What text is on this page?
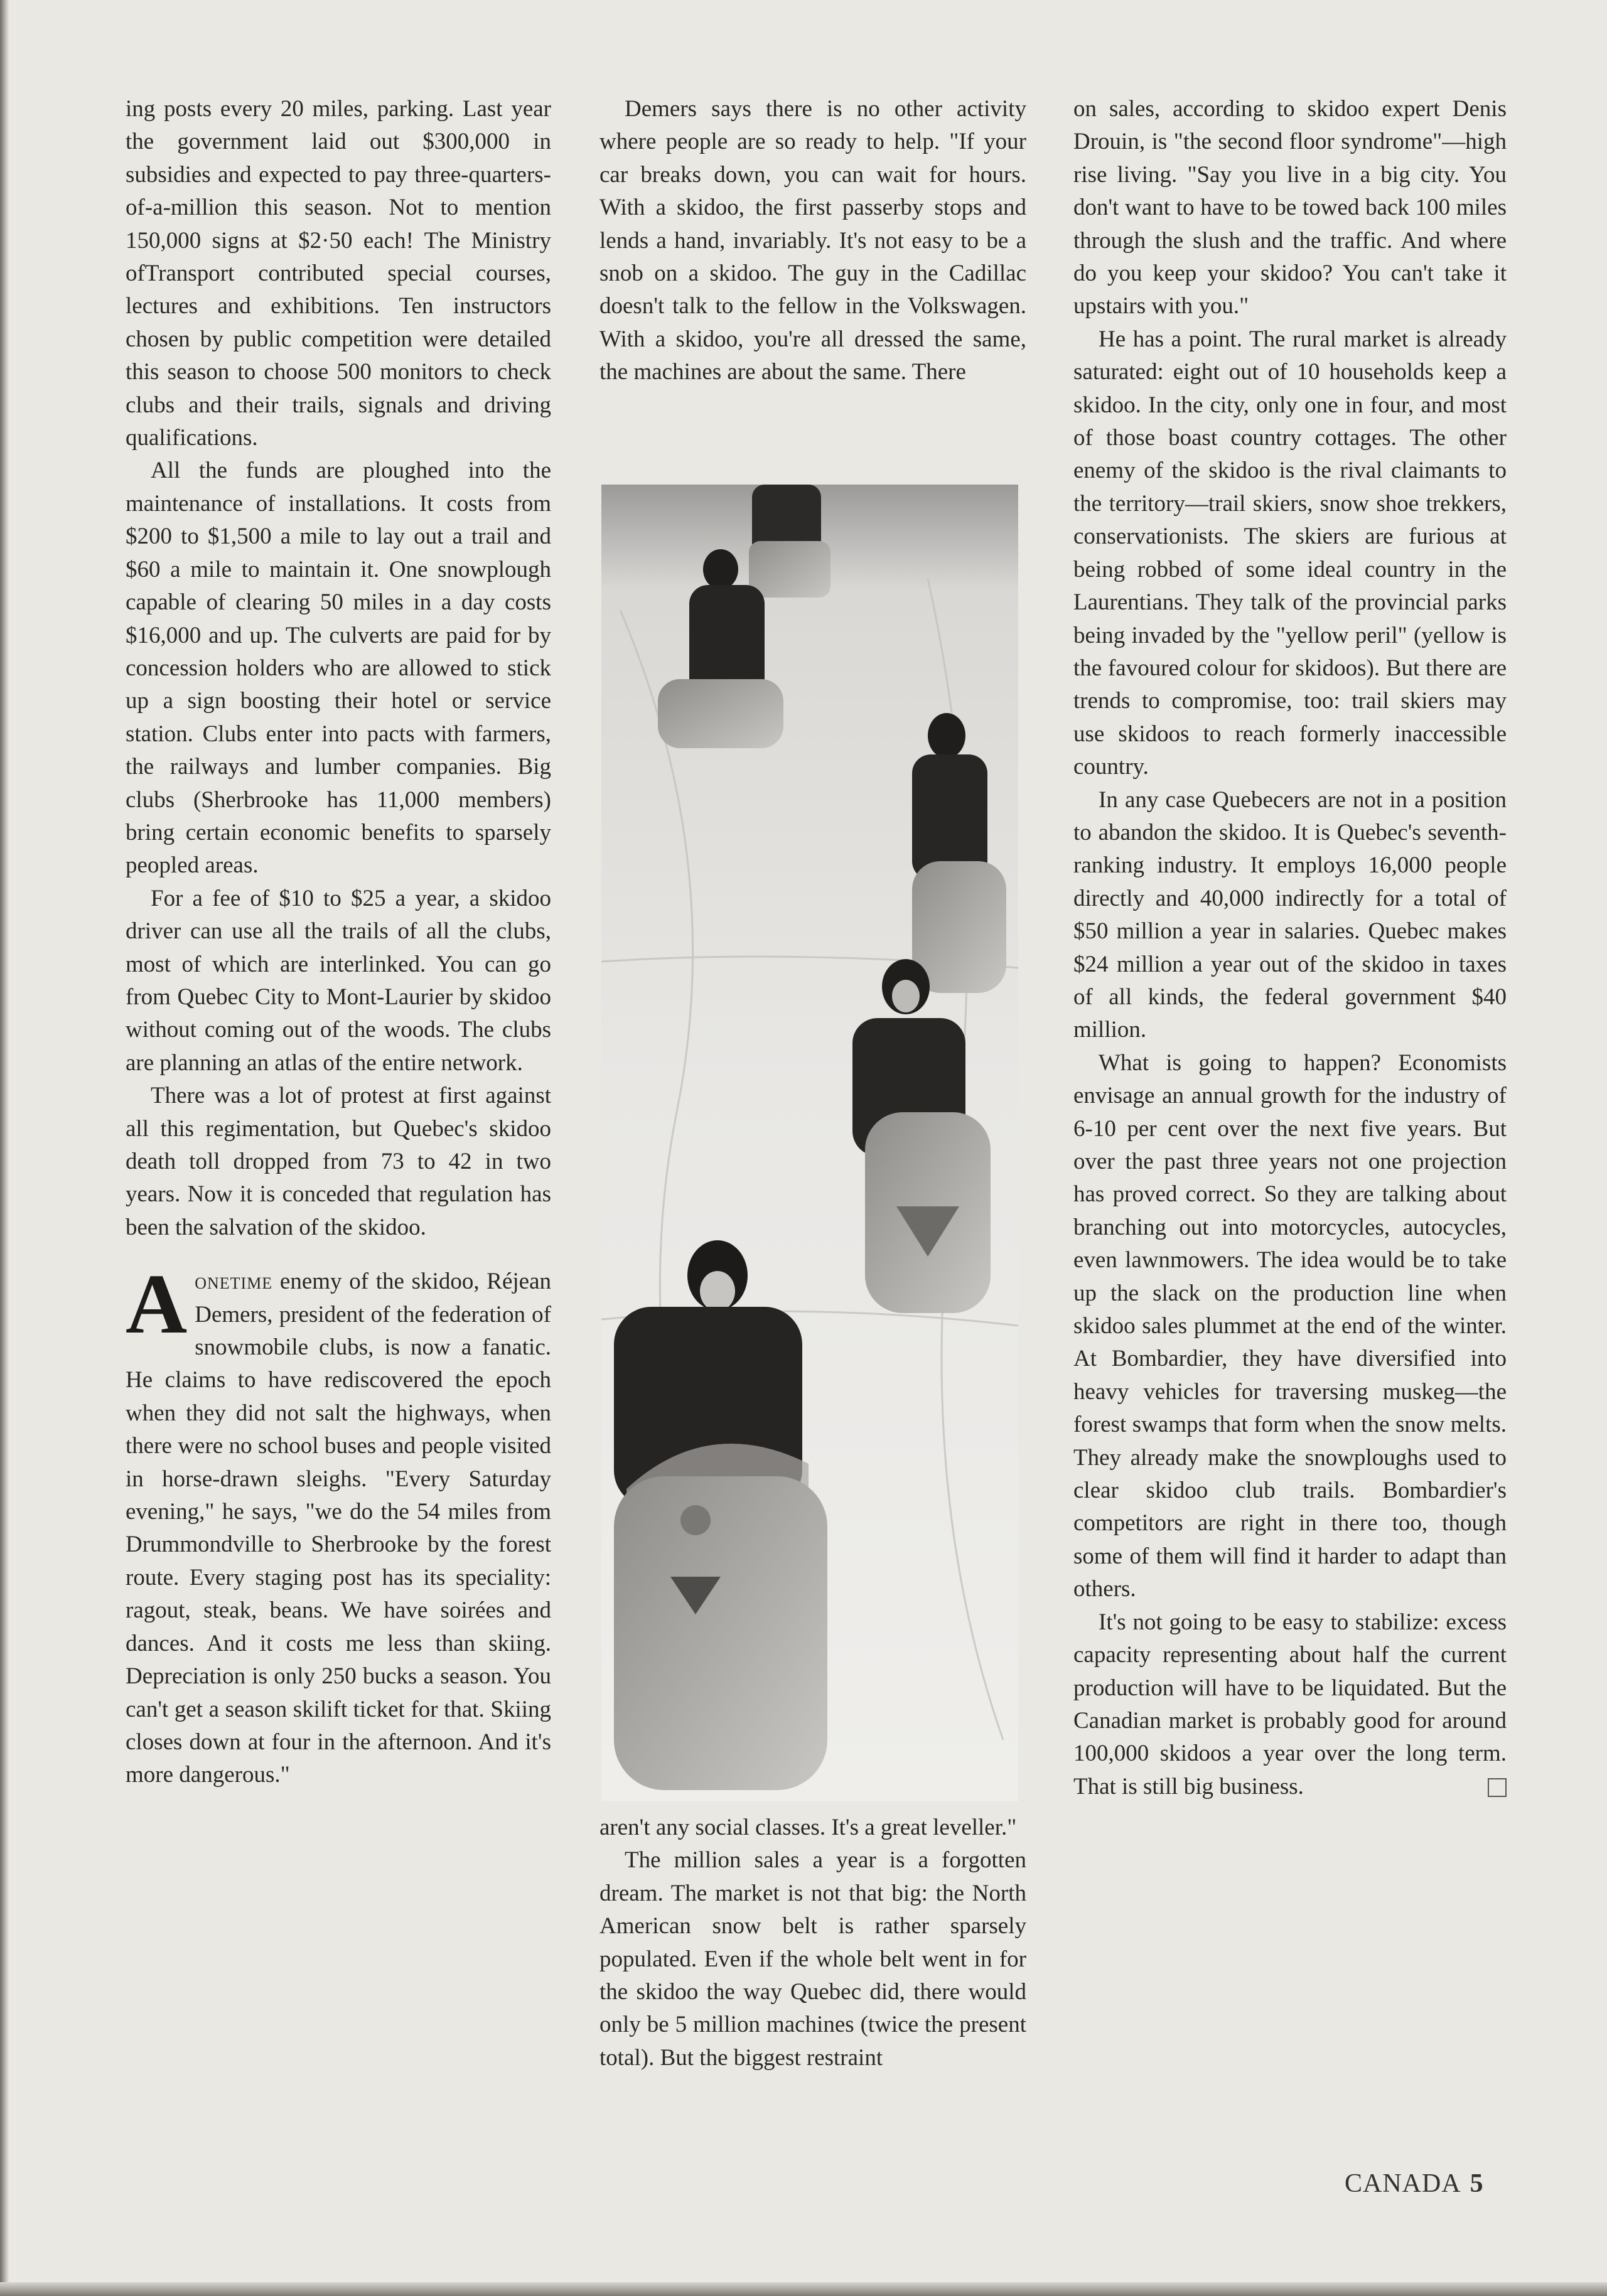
ing posts every 20 miles, parking. Last year the government laid out $300,000 in subsidies and expected to pay three-quarters-of-a-million this season. Not to mention 150,000 signs at $2·50 each! The Ministry ofTransport contributed special courses, lectures and exhibitions. Ten instructors chosen by public competition were detailed this season to choose 500 monitors to check clubs and their trails, signals and driving qualifications.

All the funds are ploughed into the maintenance of installations. It costs from $200 to $1,500 a mile to lay out a trail and $60 a mile to maintain it. One snowplough capable of clearing 50 miles in a day costs $16,000 and up. The culverts are paid for by concession holders who are allowed to stick up a sign boosting their hotel or service station. Clubs enter into pacts with farmers, the railways and lumber companies. Big clubs (Sherbrooke has 11,000 members) bring certain economic benefits to sparsely peopled areas.

For a fee of $10 to $25 a year, a skidoo driver can use all the trails of all the clubs, most of which are interlinked. You can go from Quebec City to Mont-Laurier by skidoo without coming out of the woods. The clubs are planning an atlas of the entire network.

There was a lot of protest at first against all this regimentation, but Quebec's skidoo death toll dropped from 73 to 42 in two years. Now it is conceded that regulation has been the salvation of the skidoo.

Aonetime enemy of the skidoo, Réjean Demers, president of the federation of snowmobile clubs, is now a fanatic. He claims to have rediscovered the epoch when they did not salt the highways, when there were no school buses and people visited in horse-drawn sleighs. "Every Saturday evening," he says, "we do the 54 miles from Drummondville to Sherbrooke by the forest route. Every staging post has its speciality: ragout, steak, beans. We have soirées and dances. And it costs me less than skiing. Depreciation is only 250 bucks a season. You can't get a season skilift ticket for that. Skiing closes down at four in the afternoon. And it's more dangerous."

Demers says there is no other activity where people are so ready to help. "If your car breaks down, you can wait for hours. With a skidoo, the first passerby stops and lends a hand, invariably. It's not easy to be a snob on a skidoo. The guy in the Cadillac doesn't talk to the fellow in the Volkswagen. With a skidoo, you're all dressed the same, the machines are about the same. There

aren't any social classes. It's a great leveller."

The million sales a year is a forgotten dream. The market is not that big: the North American snow belt is rather sparsely populated. Even if the whole belt went in for the skidoo the way Quebec did, there would only be 5 million machines (twice the present total). But the biggest restraint

on sales, according to skidoo expert Denis Drouin, is "the second floor syndrome"—high rise living. "Say you live in a big city. You don't want to have to be towed back 100 miles through the slush and the traffic. And where do you keep your skidoo? You can't take it upstairs with you."

He has a point. The rural market is already saturated: eight out of 10 households keep a skidoo. In the city, only one in four, and most of those boast country cottages. The other enemy of the skidoo is the rival claimants to the territory—trail skiers, snow shoe trekkers, conservationists. The skiers are furious at being robbed of some ideal country in the Laurentians. They talk of the provincial parks being invaded by the "yellow peril" (yellow is the favoured colour for skidoos). But there are trends to compromise, too: trail skiers may use skidoos to reach formerly inaccessible country.

In any case Quebecers are not in a position to abandon the skidoo. It is Quebec's seventh-ranking industry. It employs 16,000 people directly and 40,000 indirectly for a total of $50 million a year in salaries. Quebec makes $24 million a year out of the skidoo in taxes of all kinds, the federal government $40 million.

What is going to happen? Economists envisage an annual growth for the industry of 6-10 per cent over the next five years. But over the past three years not one projection has proved correct. So they are talking about branching out into motorcycles, autocycles, even lawnmowers. The idea would be to take up the slack on the production line when skidoo sales plummet at the end of the winter. At Bombardier, they have diversified into heavy vehicles for traversing muskeg—the forest swamps that form when the snow melts. They already make the snowploughs used to clear skidoo club trails. Bombardier's competitors are right in there too, though some of them will find it harder to adapt than others.

It's not going to be easy to stabilize: excess capacity representing about half the current production will have to be liquidated. But the Canadian market is probably good for around 100,000 skidoos a year over the long term. That is still big business.

CANADA 5
